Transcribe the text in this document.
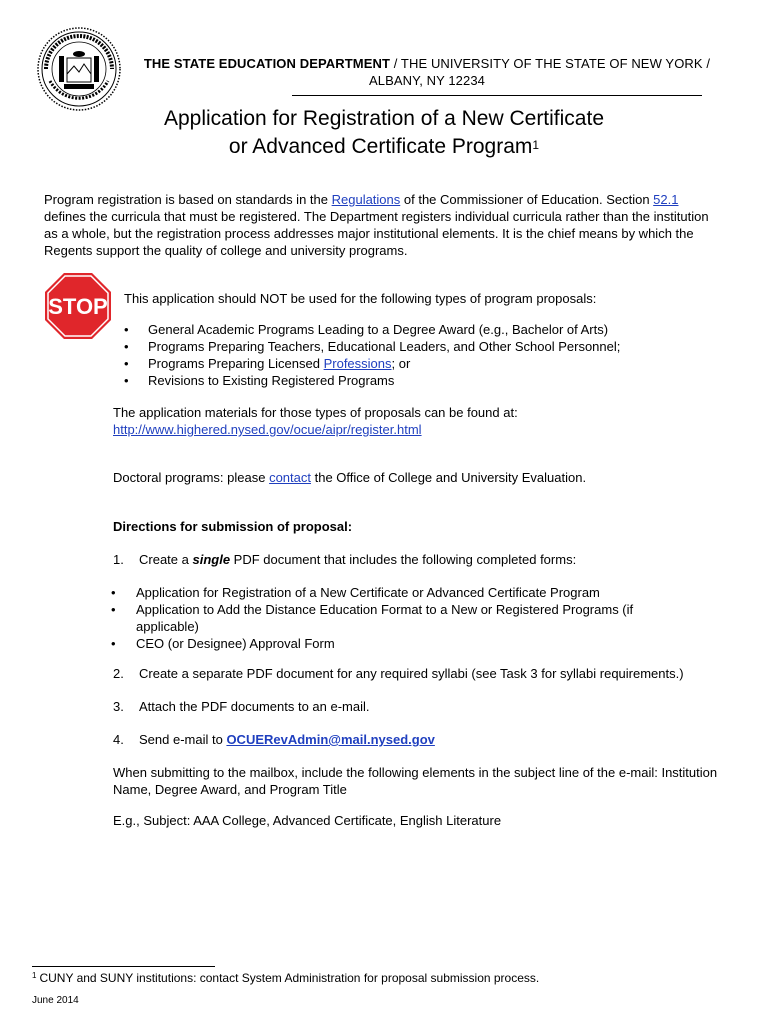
THE STATE EDUCATION DEPARTMENT / THE UNIVERSITY OF THE STATE OF NEW YORK / ALBANY, NY 12234
Application for Registration of a New Certificate
or Advanced Certificate Program$^1$
Program registration is based on standards in the Regulations of the Commissioner of Education. Section 52.1 defines the curricula that must be registered. The Department registers individual curricula rather than the institution as a whole, but the registration process addresses major institutional elements. It is the chief means by which the Regents support the quality of college and university programs.
STOP This application should NOT be used for the following types of program proposals:
• General Academic Programs Leading to a Degree Award (e.g., Bachelor of Arts)
• Programs Preparing Teachers, Educational Leaders, and Other School Personnel;
• Programs Preparing Licensed Professions; or
• Revisions to Existing Registered Programs
The application materials for those types of proposals can be found at:
http://www.highered.nysed.gov/ocue/aipr/register.html
Doctoral programs: please contact the Office of College and University Evaluation.
Directions for submission of proposal:
1. Create a single PDF document that includes the following completed forms:
• Application for Registration of a New Certificate or Advanced Certificate Program
• Application to Add the Distance Education Format to a New or Registered Programs (if applicable)
• CEO (or Designee) Approval Form
2. Create a separate PDF document for any required syllabi (see Task 3 for syllabi requirements.)
3. Attach the PDF documents to an e-mail.
4. Send e-mail to OCUERevAdmin@mail.nysed.gov
When submitting to the mailbox, include the following elements in the subject line of the e-mail: Institution Name, Degree Award, and Program Title
E.g., Subject: AAA College, Advanced Certificate, English Literature
$^1$ CUNY and SUNY institutions: contact System Administration for proposal submission process.
June 2014
